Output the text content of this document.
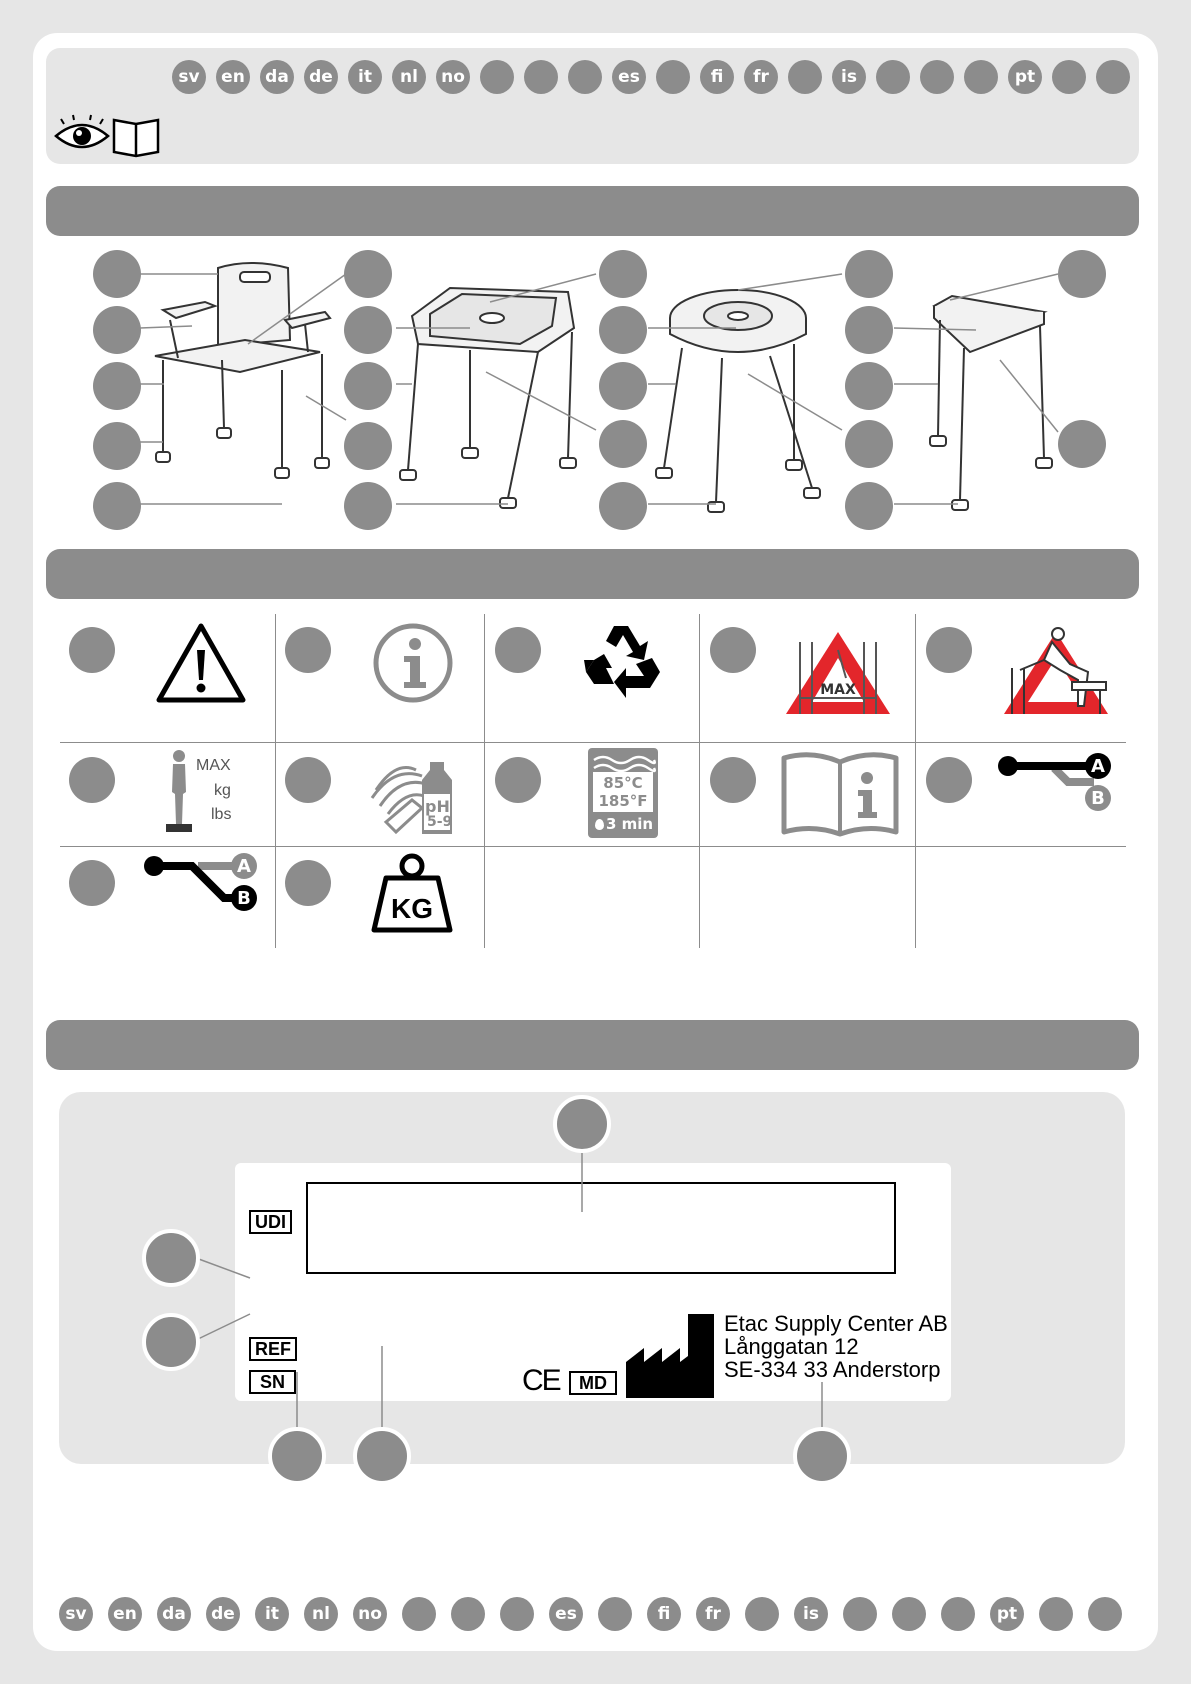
sv	en	da	de	it	nl	no	es	fi	fr	is	pt
MAX
MAX
kg
lbs	pH
5-9
85°C
185°F
3 min
A
B
A
B	KG
UDI
REF
SN	CE	MD
Etac Supply Center AB
Långgatan 12
SE-334 33 Anderstorp
sv	en	da	de	it	nl	no	es	fi	fr	is	pt
